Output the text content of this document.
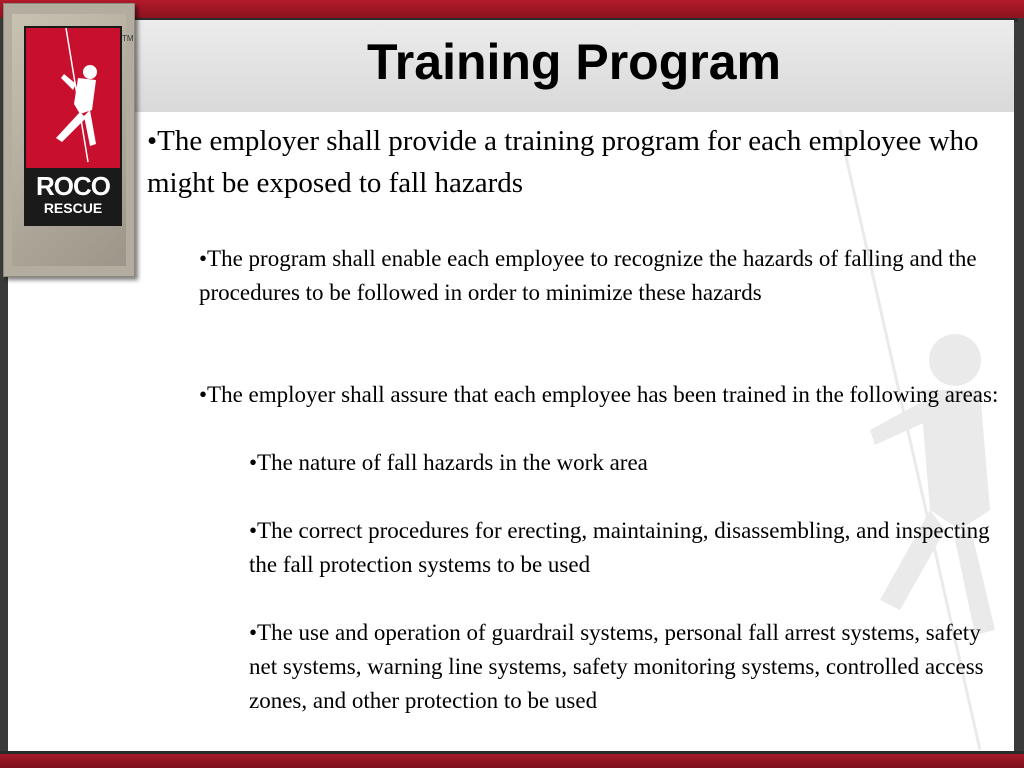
ROCO
RESCUE
TM	Training Program
•The employer shall provide a training program for each employee who might be exposed to fall hazards
•The program shall enable each employee to recognize the hazards of falling and the procedures to be followed in order to minimize these hazards
•The employer shall assure that each employee has been trained in the following areas:
•The nature of fall hazards in the work area
•The correct procedures for erecting, maintaining, disassembling, and inspecting the fall protection systems to be used
•The use and operation of guardrail systems, personal fall arrest systems, safety net systems, warning line systems, safety monitoring systems, controlled access zones, and other protection to be used
